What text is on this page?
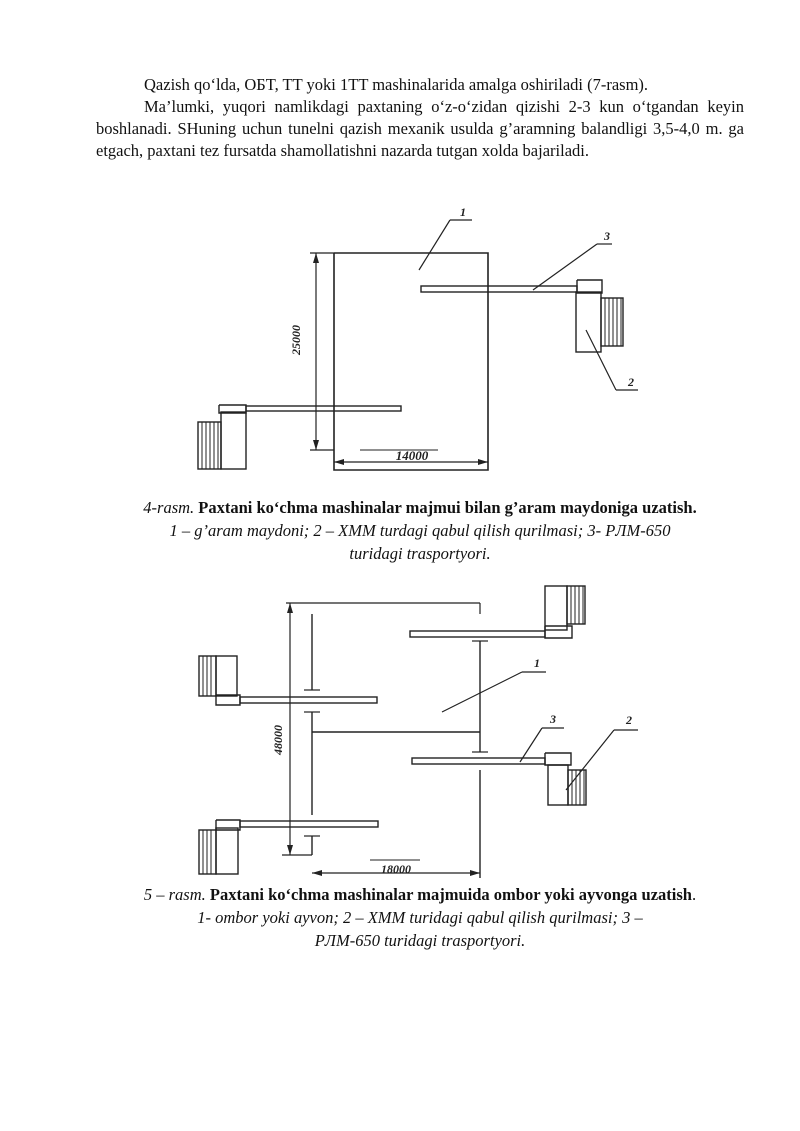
Qazish qo‘lda, OБT, TT yoki 1TT mashinalarida amalga oshiriladi (7-rasm).

Ma’lumki, yuqori namlikdagi paxtaning o‘z-o‘zidan qizishi 2-3 kun o‘tgandan keyin boshlanadi. SHuning uchun tunelni qazish mexanik usulda g’aramning balandligi 3,5-4,0 m. ga etgach, paxtani tez fursatda shamollatishni nazarda tutgan xolda bajariladi.

25000
14000
1
3
2
48000
18000
1
3	2

4-rasm. Paxtani ko‘chma mashinalar majmui bilan g’aram maydoniga uzatish.

1 – g’aram maydoni; 2 – XMM turdagi qabul qilish qurilmasi; 3- PЛM-650

turidagi trasportyori.

5 – rasm. Paxtani ko‘chma mashinalar majmuida ombor yoki ayvonga uzatish.

1- ombor yoki ayvon; 2 – XMM turidagi qabul qilish qurilmasi; 3 –

PЛM-650 turidagi trasportyori.
